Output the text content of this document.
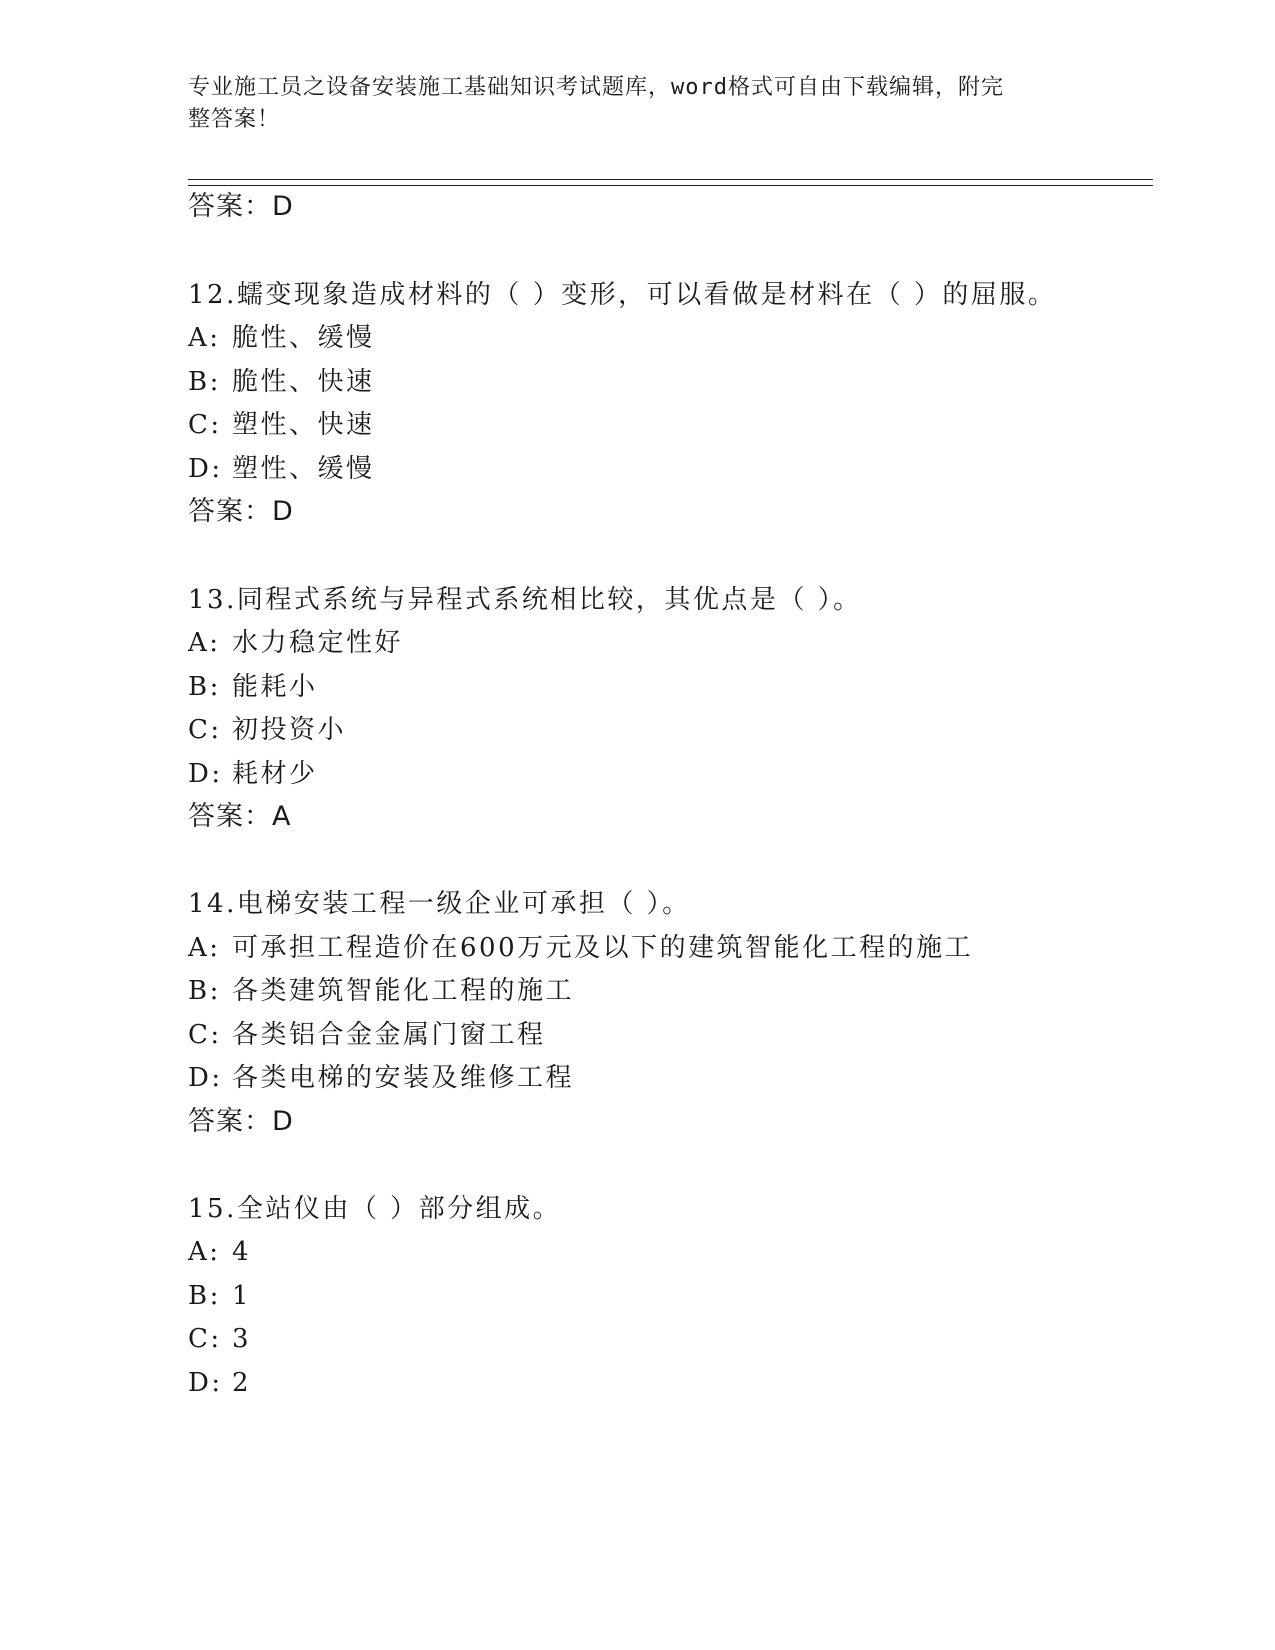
专业施工员之设备安装施工基础知识考试题库，word格式可自由下载编辑，附完
整答案！
答案：D
12.蠕变现象造成材料的（ ）变形，可以看做是材料在（ ）的屈服。
A: 脆性、缓慢
B: 脆性、快速
C: 塑性、快速
D: 塑性、缓慢
答案：D
13.同程式系统与异程式系统相比较，其优点是（ ）。
A: 水力稳定性好
B: 能耗小
C: 初投资小
D: 耗材少
答案：A
14.电梯安装工程一级企业可承担（ ）。
A: 可承担工程造价在600万元及以下的建筑智能化工程的施工
B: 各类建筑智能化工程的施工
C: 各类铝合金金属门窗工程
D: 各类电梯的安装及维修工程
答案：D
15.全站仪由（ ）部分组成。
A: 4
B: 1
C: 3
D: 2
